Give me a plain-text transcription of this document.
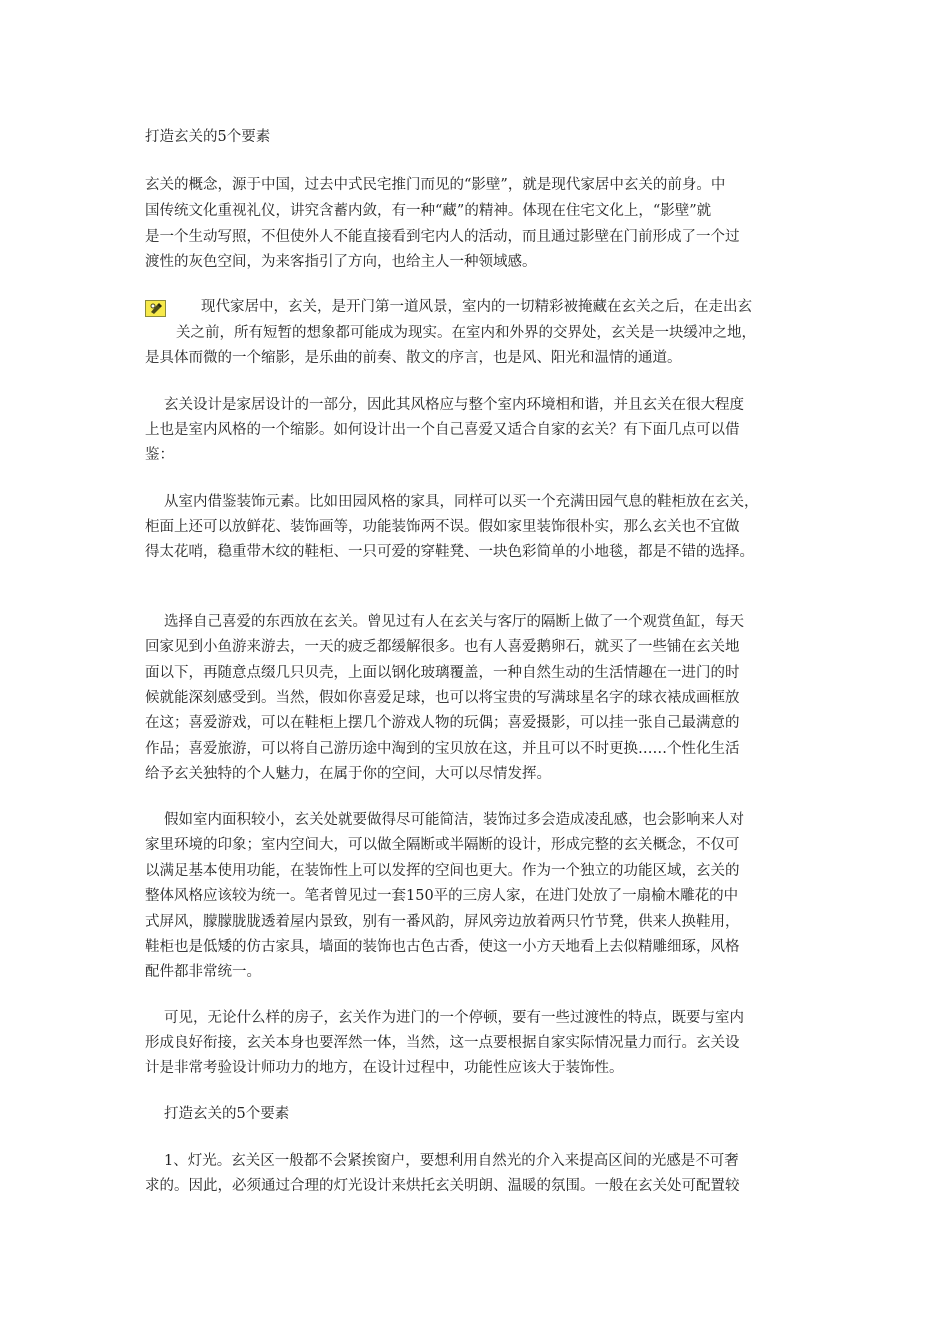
打造玄关的5个要素
玄关的概念，源于中国，过去中式民宅推门而见的“影壁”，就是现代家居中玄关的前身。中
国传统文化重视礼仪，讲究含蓄内敛，有一种“藏”的精神。体现在住宅文化上，“影壁”就
是一个生动写照，不但使外人不能直接看到宅内人的活动，而且通过影壁在门前形成了一个过
渡性的灰色空间，为来客指引了方向，也给主人一种领域感。
现代家居中，玄关，是开门第一道风景，室内的一切精彩被掩藏在玄关之后，在走出玄
关之前，所有短暂的想象都可能成为现实。在室内和外界的交界处，玄关是一块缓冲之地，
是具体而微的一个缩影，是乐曲的前奏、散文的序言，也是风、阳光和温情的通道。
玄关设计是家居设计的一部分，因此其风格应与整个室内环境相和谐，并且玄关在很大程度
上也是室内风格的一个缩影。如何设计出一个自己喜爱又适合自家的玄关？有下面几点可以借
鉴：
从室内借鉴装饰元素。比如田园风格的家具，同样可以买一个充满田园气息的鞋柜放在玄关，
柜面上还可以放鲜花、装饰画等，功能装饰两不误。假如家里装饰很朴实，那么玄关也不宜做
得太花哨，稳重带木纹的鞋柜、一只可爱的穿鞋凳、一块色彩简单的小地毯，都是不错的选择。
选择自己喜爱的东西放在玄关。曾见过有人在玄关与客厅的隔断上做了一个观赏鱼缸，每天
回家见到小鱼游来游去，一天的疲乏都缓解很多。也有人喜爱鹅卵石，就买了一些铺在玄关地
面以下，再随意点缀几只贝壳，上面以钢化玻璃覆盖，一种自然生动的生活情趣在一进门的时
候就能深刻感受到。当然，假如你喜爱足球，也可以将宝贵的写满球星名字的球衣裱成画框放
在这；喜爱游戏，可以在鞋柜上摆几个游戏人物的玩偶；喜爱摄影，可以挂一张自己最满意的
作品；喜爱旅游，可以将自己游历途中淘到的宝贝放在这，并且可以不时更换……个性化生活
给予玄关独特的个人魅力，在属于你的空间，大可以尽情发挥。
假如室内面积较小，玄关处就要做得尽可能简洁，装饰过多会造成凌乱感，也会影响来人对
家里环境的印象；室内空间大，可以做全隔断或半隔断的设计，形成完整的玄关概念，不仅可
以满足基本使用功能，在装饰性上可以发挥的空间也更大。作为一个独立的功能区域，玄关的
整体风格应该较为统一。笔者曾见过一套150平的三房人家，在进门处放了一扇榆木雕花的中
式屏风，朦朦胧胧透着屋内景致，别有一番风韵，屏风旁边放着两只竹节凳，供来人换鞋用，
鞋柜也是低矮的仿古家具，墙面的装饰也古色古香，使这一小方天地看上去似精雕细琢，风格
配件都非常统一。
可见，无论什么样的房子，玄关作为进门的一个停顿，要有一些过渡性的特点，既要与室内
形成良好衔接，玄关本身也要浑然一体，当然，这一点要根据自家实际情况量力而行。玄关设
计是非常考验设计师功力的地方，在设计过程中，功能性应该大于装饰性。
打造玄关的5个要素
1、灯光。玄关区一般都不会紧挨窗户，要想利用自然光的介入来提高区间的光感是不可奢
求的。因此，必须通过合理的灯光设计来烘托玄关明朗、温暖的氛围。一般在玄关处可配置较
